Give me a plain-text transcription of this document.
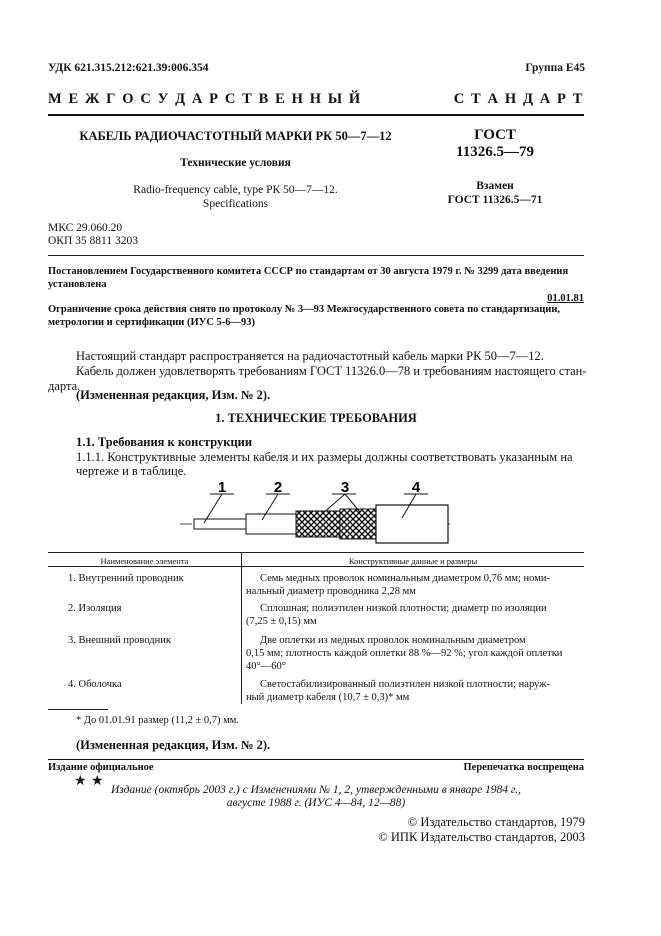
УДК 621.315.212:621.39:006.354	Группа Е45
М Е Ж Г О С У Д А Р С Т В Е Н Н Ы Й	С Т А Н Д А Р Т
КАБЕЛЬ РАДИОЧАСТОТНЫЙ МАРКИ РК 50—7—12
Технические условия
Radio-frequency cable, type РК 50—7—12.
Specifications
ГОСТ
11326.5—79
Взамен
ГОСТ 11326.5—71
МКС 29.060.20
ОКП 35 8811 3203
Постановлением Государственного комитета СССР по стандартам от 30 августа 1979 г. № 3299 дата введения
установлена
01.01.81
Ограничение срока действия снято по протоколу № 3—93 Межгосударственного совета по стандартизации,
метрологии и сертификации (ИУС 5-6—93)
Настоящий стандарт распространяется на радиочастотный кабель марки РК 50—7—12.
Кабель должен удовлетворять требованиям ГОСТ 11326.0—78 и требованиям настоящего стан-
дарта.
(Измененная редакция, Изм. № 2).
1. ТЕХНИЧЕСКИЕ ТРЕБОВАНИЯ
1.1. Требования к конструкции
1.1.1. Конструктивные элементы кабеля и их размеры должны соответствовать указанным на
чертеже и в таблице.
1	2	3	4
Наименование элемента	Конструктивные данные и размеры
1. Внутренний проводник	Семь медных проволок номинальным диаметром 0,76 мм; номи-
нальный диаметр проводника 2,28 мм
2. Изоляция	Сплошная; полиэтилен низкой плотности; диаметр по изоляции
(7,25 ± 0,15) мм
3. Внешний проводник	Две оплетки из медных проволок номинальным диаметром
0,15 мм; плотность каждой оплетки 88 %—92 %; угол каждой оплетки
40°—60°
4. Оболочка	Светостабилизированный полиэтилен низкой плотности; наруж-
ный диаметр кабеля (10,7 ± 0,3)* мм
* До 01.01.91 размер (11,2 ± 0,7) мм.
(Измененная редакция, Изм. № 2).
Издание официальное	Перепечатка воспрещена
★ ★
Издание (октябрь 2003 г.) с Изменениями № 1, 2, утвержденными в январе 1984 г.,
августе 1988 г. (ИУС 4—84, 12—88)
© Издательство стандартов, 1979
© ИПК Издательство стандартов, 2003
